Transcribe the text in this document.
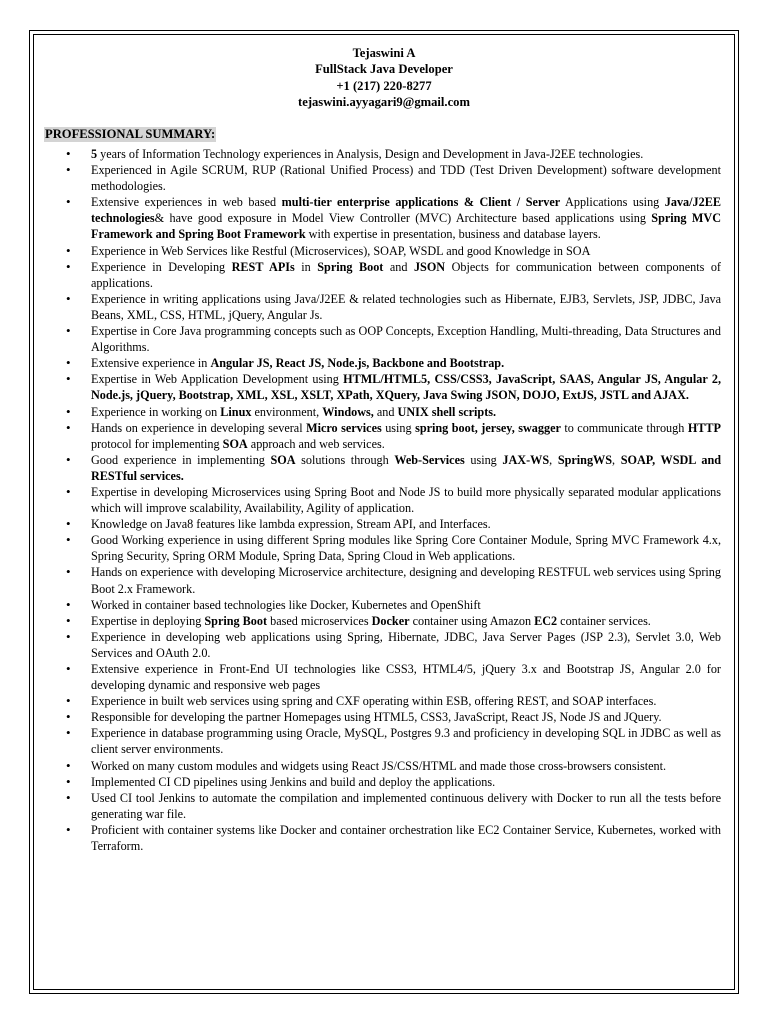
Tejaswini A
FullStack Java Developer
+1 (217) 220-8277
tejaswini.ayyagari9@gmail.com
PROFESSIONAL SUMMARY:
• 5 years of Information Technology experiences in Analysis, Design and Development in Java-J2EE technologies.
• Experienced in Agile SCRUM, RUP (Rational Unified Process) and TDD (Test Driven Development) software development methodologies.
• Extensive experiences in web based multi-tier enterprise applications & Client / Server Applications using Java/J2EE technologies& have good exposure in Model View Controller (MVC) Architecture based applications using Spring MVC Framework and Spring Boot Framework with expertise in presentation, business and database layers.
• Experience in Web Services like Restful (Microservices), SOAP, WSDL and good Knowledge in SOA
• Experience in Developing REST APIs in Spring Boot and JSON Objects for communication between components of applications.
• Experience in writing applications using Java/J2EE & related technologies such as Hibernate, EJB3, Servlets, JSP, JDBC, Java Beans, XML, CSS, HTML, jQuery, Angular Js.
• Expertise in Core Java programming concepts such as OOP Concepts, Exception Handling, Multi-threading, Data Structures and Algorithms.
• Extensive experience in Angular JS, React JS, Node.js, Backbone and Bootstrap.
• Expertise in Web Application Development using HTML/HTML5, CSS/CSS3, JavaScript, SAAS, Angular JS, Angular 2, Node.js, jQuery, Bootstrap, XML, XSL, XSLT, XPath, XQuery, Java Swing JSON, DOJO, ExtJS, JSTL and AJAX.
• Experience in working on Linux environment, Windows, and UNIX shell scripts.
• Hands on experience in developing several Micro services using spring boot, jersey, swagger to communicate through HTTP protocol for implementing SOA approach and web services.
• Good experience in implementing SOA solutions through Web-Services using JAX-WS, SpringWS, SOAP, WSDL and RESTful services.
• Expertise in developing Microservices using Spring Boot and Node JS to build more physically separated modular applications which will improve scalability, Availability, Agility of application.
• Knowledge on Java8 features like lambda expression, Stream API, and Interfaces.
• Good Working experience in using different Spring modules like Spring Core Container Module, Spring MVC Framework 4.x, Spring Security, Spring ORM Module, Spring Data, Spring Cloud in Web applications.
• Hands on experience with developing Microservice architecture, designing and developing RESTFUL web services using Spring Boot 2.x Framework.
• Worked in container based technologies like Docker, Kubernetes and OpenShift
• Expertise in deploying Spring Boot based microservices Docker container using Amazon EC2 container services.
• Experience in developing web applications using Spring, Hibernate, JDBC, Java Server Pages (JSP 2.3), Servlet 3.0, Web Services and OAuth 2.0.
• Extensive experience in Front-End UI technologies like CSS3, HTML4/5, jQuery 3.x and Bootstrap JS, Angular 2.0 for developing dynamic and responsive web pages
• Experience in built web services using spring and CXF operating within ESB, offering REST, and SOAP interfaces.
• Responsible for developing the partner Homepages using HTML5, CSS3, JavaScript, React JS, Node JS and JQuery.
• Experience in database programming using Oracle, MySQL, Postgres 9.3 and proficiency in developing SQL in JDBC as well as client server environments.
• Worked on many custom modules and widgets using React JS/CSS/HTML and made those cross-browsers consistent.
• Implemented CI CD pipelines using Jenkins and build and deploy the applications.
• Used CI tool Jenkins to automate the compilation and implemented continuous delivery with Docker to run all the tests before generating war file.
• Proficient with container systems like Docker and container orchestration like EC2 Container Service, Kubernetes, worked with Terraform.
